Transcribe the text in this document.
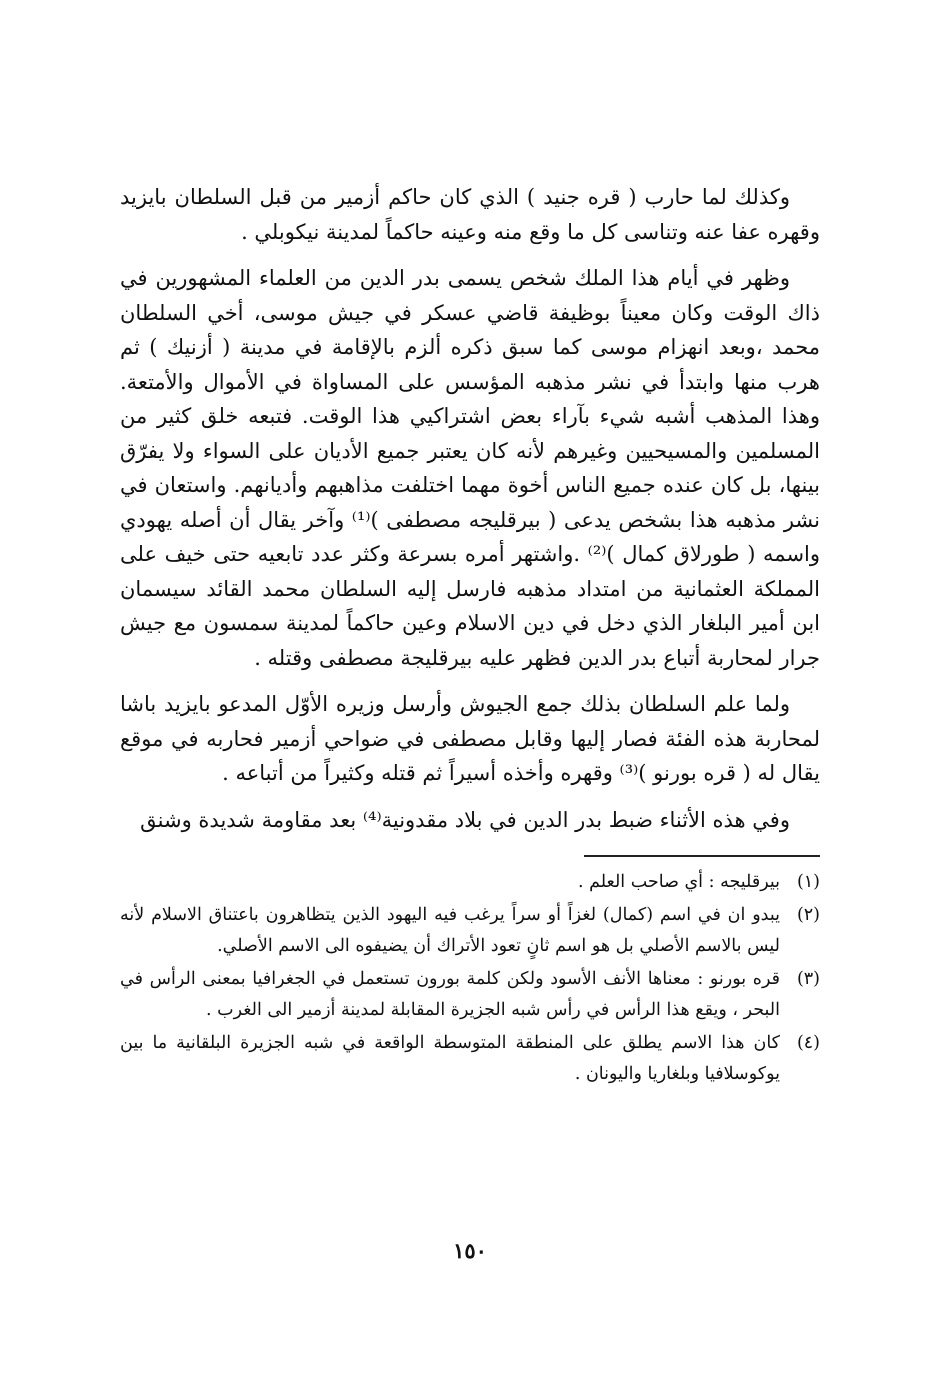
وكذلك لما حارب ( قره جنيد ) الذي كان حاكم أزمير من قبل السلطان بايزيد وقهره عفا عنه وتناسى كل ما وقع منه وعينه حاكماً لمدينة نيكوبلي .

وظهر في أيام هذا الملك شخص يسمى بدر الدين من العلماء المشهورين في ذاك الوقت وكان معيناً بوظيفة قاضي عسكر في جيش موسى، أخي السلطان محمد ،وبعد انهزام موسى كما سبق ذكره ألزم بالإقامة في مدينة ( أزنيك ) ثم هرب منها وابتدأ في نشر مذهبه المؤسس على المساواة في الأموال والأمتعة. وهذا المذهب أشبه شيء بآراء بعض اشتراكيي هذا الوقت. فتبعه خلق كثير من المسلمين والمسيحيين وغيرهم لأنه كان يعتبر جميع الأديان على السواء ولا يفرّق بينها، بل كان عنده جميع الناس أخوة مهما اختلفت مذاهبهم وأديانهم. واستعان في نشر مذهبه هذا بشخص يدعى ( بيرقليجه مصطفى )⁽¹⁾ وآخر يقال أن أصله يهودي واسمه ( طورلاق كمال )⁽²⁾ .واشتهر أمره بسرعة وكثر عدد تابعيه حتى خيف على المملكة العثمانية من امتداد مذهبه فارسل إليه السلطان محمد القائد سيسمان ابن أمير البلغار الذي دخل في دين الاسلام وعين حاكماً لمدينة سمسون مع جيش جرار لمحاربة أتباع بدر الدين فظهر عليه بيرقليجة مصطفى وقتله .

ولما علم السلطان بذلك جمع الجيوش وأرسل وزيره الأوّل المدعو بايزيد باشا لمحاربة هذه الفئة فصار إليها وقابل مصطفى في ضواحي أزمير فحاربه في موقع يقال له ( قره بورنو )⁽³⁾ وقهره وأخذه أسيراً ثم قتله وكثيراً من أتباعه .

وفي هذه الأثناء ضبط بدر الدين في بلاد مقدونية⁽⁴⁾ بعد مقاومة شديدة وشنق

(١)
بيرقليجه : أي صاحب العلم .
(٢)
يبدو ان في اسم (كمال) لغزاً أو سراً يرغب فيه اليهود الذين يتظاهرون باعتناق الاسلام لأنه ليس بالاسم الأصلي بل هو اسم ثانٍ تعود الأتراك أن يضيفوه الى الاسم الأصلي.
(٣)
قره بورنو : معناها الأنف الأسود ولكن كلمة بورون تستعمل في الجغرافيا بمعنى الرأس في البحر ، ويقع هذا الرأس في رأس شبه الجزيرة المقابلة لمدينة أزمير الى الغرب .
(٤)
كان هذا الاسم يطلق على المنطقة المتوسطة الواقعة في شبه الجزيرة البلقانية ما بين يوكوسلافيا وبلغاريا واليونان .
١٥٠
